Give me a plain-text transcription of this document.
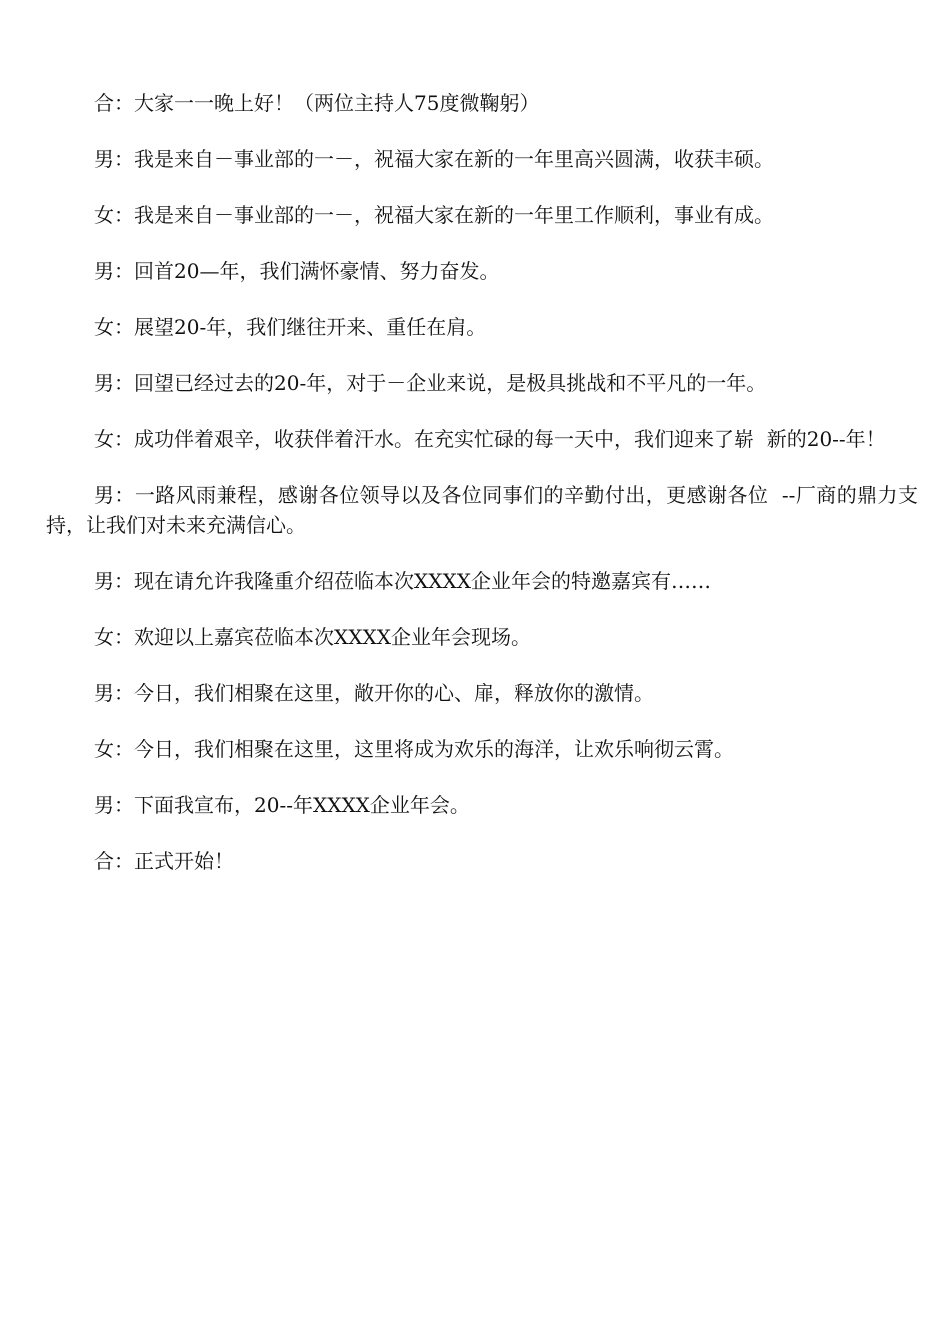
合：大家一一晚上好！（两位主持人75度微鞠躬）

男：我是来自－事业部的一－，祝福大家在新的一年里高兴圆满，收获丰硕。

女：我是来自－事业部的一－，祝福大家在新的一年里工作顺利，事业有成。

男：回首20—年，我们满怀豪情、努力奋发。

女：展望20-年，我们继往开来、重任在肩。

男：回望已经过去的20-年，对于－企业来说，是极具挑战和不平凡的一年。

女：成功伴着艰辛，收获伴着汗水。在充实忙碌的每一天中，我们迎来了崭  新的20--年！

男：一路风雨兼程，感谢各位领导以及各位同事们的辛勤付出，更感谢各位  --厂商的鼎力支持，让我们对未来充满信心。

男：现在请允许我隆重介绍莅临本次XXXX企业年会的特邀嘉宾有……

女：欢迎以上嘉宾莅临本次XXXX企业年会现场。

男：今日，我们相聚在这里，敞开你的心、扉，释放你的激情。

女：今日，我们相聚在这里，这里将成为欢乐的海洋，让欢乐响彻云霄。

男：下面我宣布，20--年XXXX企业年会。

合：正式开始！
